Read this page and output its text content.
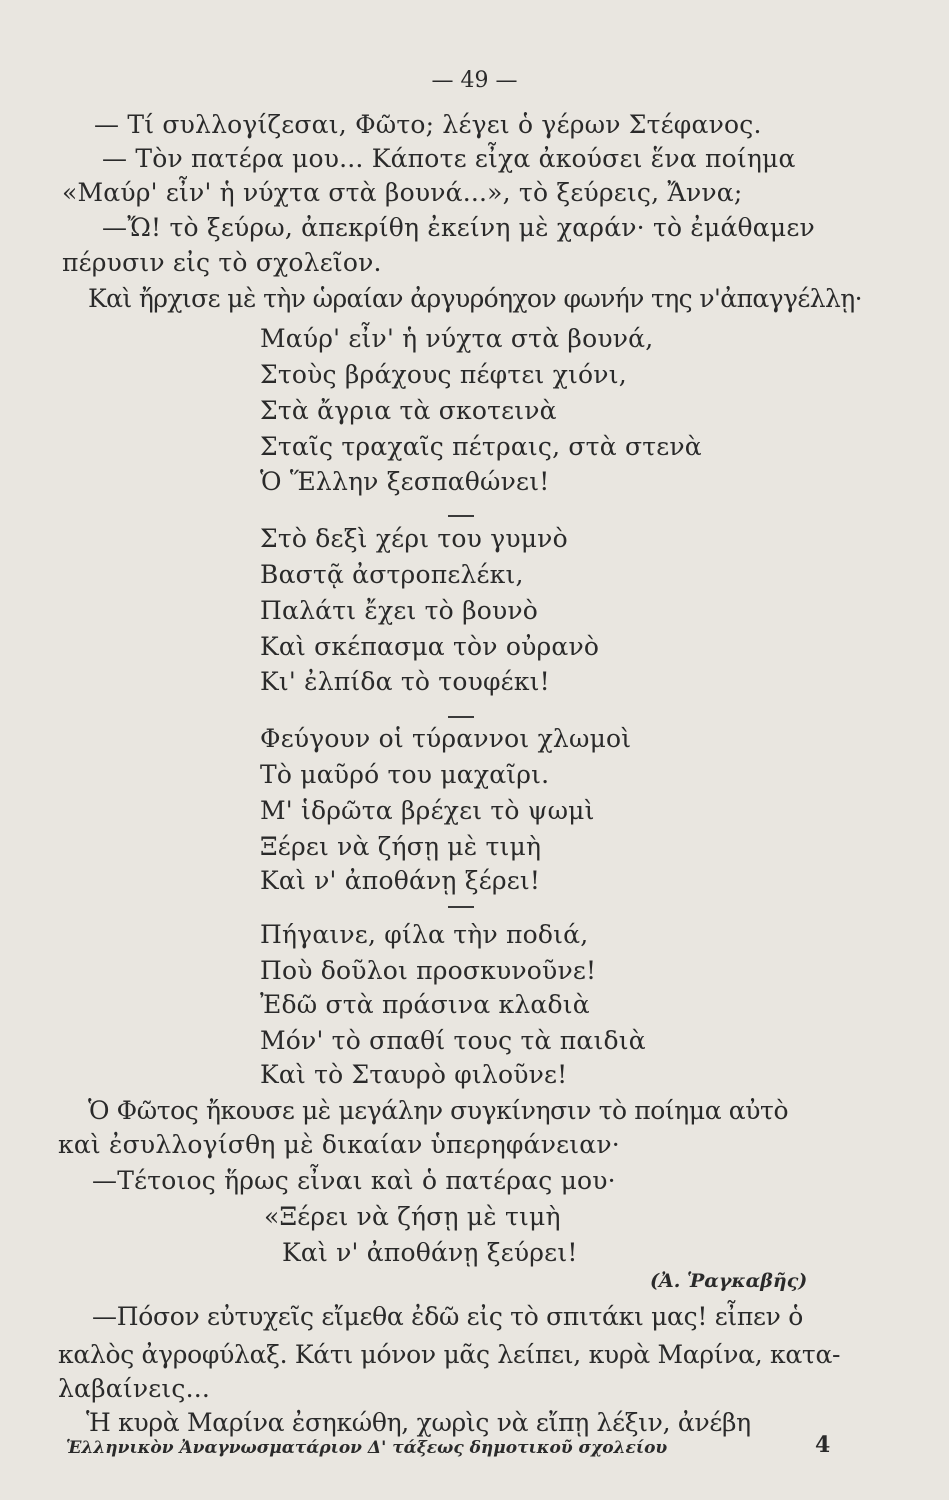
— 49 —
— Τί συλλογίζεσαι, Φῶτο; λέγει ὁ γέρων Στέφανος.
— Τὸν πατέρα μου... Κάποτε εἶχα ἀκούσει ἕνα ποίημα
«Μαύρ' εἶν' ἡ νύχτα στὰ βουνά...», τὸ ξεύρεις, Ἄννα;
—Ὤ! τὸ ξεύρω, ἀπεκρίθη ἐκείνη μὲ χαράν· τὸ ἐμάθαμεν
πέρυσιν εἰς τὸ σχολεῖον.
Καὶ ἤρχισε μὲ τὴν ὡραίαν ἀργυρόηχον φωνήν της ν'ἀπαγγέλλῃ·
Μαύρ' εἶν' ἡ νύχτα στὰ βουνά,
Στοὺς βράχους πέφτει χιόνι,
Στὰ ἄγρια τὰ σκοτεινὰ
Σταῖς τραχαῖς πέτραις, στὰ στενὰ
Ὁ Ἕλλην ξεσπαθώνει!
Στὸ δεξὶ χέρι του γυμνὸ
Βαστᾷ ἀστροπελέκι,
Παλάτι ἔχει τὸ βουνὸ
Καὶ σκέπασμα τὸν οὐρανὸ
Κι' ἐλπίδα τὸ τουφέκι!
Φεύγουν οἱ τύραννοι χλωμοὶ
Τὸ μαῦρό του μαχαῖρι.
Μ' ἱδρῶτα βρέχει τὸ ψωμὶ
Ξέρει νὰ ζήσῃ μὲ τιμὴ
Καὶ ν' ἀποθάνῃ ξέρει!
Πήγαινε, φίλα τὴν ποδιά,
Ποὺ δοῦλοι προσκυνοῦνε!
Ἐδῶ στὰ πράσινα κλαδιὰ
Μόν' τὸ σπαθί τους τὰ παιδιὰ
Καὶ τὸ Σταυρὸ φιλοῦνε!
Ὁ Φῶτος ἤκουσε μὲ μεγάλην συγκίνησιν τὸ ποίημα αὐτὸ
καὶ ἐσυλλογίσθη μὲ δικαίαν ὑπερηφάνειαν·
—Τέτοιος ἥρως εἶναι καὶ ὁ πατέρας μου·
«Ξέρει νὰ ζήσῃ μὲ τιμὴ
Καὶ ν' ἀποθάνῃ ξεύρει!
(Ἀ. Ῥαγκαβῆς)
—Πόσον εὐτυχεῖς εἴμεθα ἐδῶ εἰς τὸ σπιτάκι μας! εἶπεν ὁ
καλὸς ἀγροφύλαξ. Κάτι μόνον μᾶς λείπει, κυρὰ Μαρίνα, κατα-
λαβαίνεις...
Ἡ κυρὰ Μαρίνα ἐσηκώθη, χωρὶς νὰ εἴπῃ λέξιν, ἀνέβη
Ἑλληνικὸν Ἀναγνωσματάριον Δ' τάξεως δημοτικοῦ σχολείου	4
